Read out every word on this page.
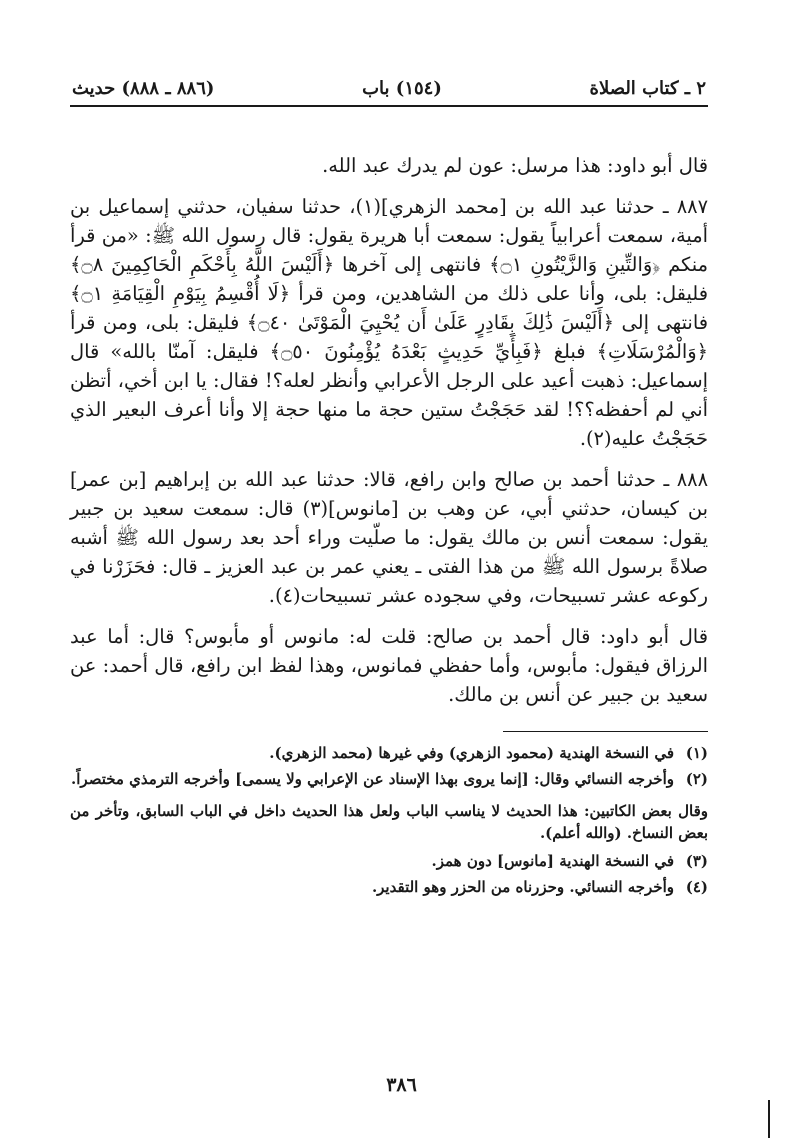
٢ ـ كتاب الصلاة
(١٥٤) باب
(٨٨٦ ـ ٨٨٨) حديث

قال أبو داود: هذا مرسل: عون لم يدرك عبد الله.

٨٨٧ ـ حدثنا عبد الله بن [محمد الزهري](١)، حدثنا سفيان، حدثني إسماعيل بن أمية، سمعت أعرابياً يقول: سمعت أبا هريرة يقول: قال رسول الله ﷺ: «من قرأ منكم ﴿وَالتِّينِ وَالزَّيْتُونِ ۝١﴾ فانتهى إلى آخرها ﴿أَلَيْسَ اللَّهُ بِأَحْكَمِ الْحَاكِمِينَ ۝٨﴾ فليقل: بلى، وأنا على ذلك من الشاهدين، ومن قرأ ﴿لَا أُقْسِمُ بِيَوْمِ الْقِيَامَةِ ۝١﴾ فانتهى إلى ﴿أَلَيْسَ ذَٰلِكَ بِقَادِرٍ عَلَىٰ أَن يُحْيِيَ الْمَوْتَىٰ ۝٤٠﴾ فليقل: بلى، ومن قرأ ﴿وَالْمُرْسَلَاتِ﴾ فبلغ ﴿فَبِأَيِّ حَدِيثٍ بَعْدَهُ يُؤْمِنُونَ ۝٥٠﴾ فليقل: آمنّا بالله» قال إسماعيل: ذهبت أعيد على الرجل الأعرابي وأنظر لعله؟! فقال: يا ابن أخي، أتظن أني لم أحفظه؟؟! لقد حَجَجْتُ ستين حجة ما منها حجة إلا وأنا أعرف البعير الذي حَجَجْتُ عليه(٢).

٨٨٨ ـ حدثنا أحمد بن صالح وابن رافع، قالا: حدثنا عبد الله بن إبراهيم [بن عمر] بن كيسان، حدثني أبي، عن وهب بن [مانوس](٣) قال: سمعت سعيد بن جبير يقول: سمعت أنس بن مالك يقول: ما صلّيت وراء أحد بعد رسول الله ﷺ أشبه صلاةً برسول الله ﷺ من هذا الفتى ـ يعني عمر بن عبد العزيز ـ قال: فحَزَرْنا في ركوعه عشر تسبيحات، وفي سجوده عشر تسبيحات(٤).

قال أبو داود: قال أحمد بن صالح: قلت له: مانوس أو مأبوس؟ قال: أما عبد الرزاق فيقول: مأبوس، وأما حفظي فمانوس، وهذا لفظ ابن رافع، قال أحمد: عن سعيد بن جبير عن أنس بن مالك.

(١)
في النسخة الهندية (محمود الزهري) وفي غيرها (محمد الزهري).
(٢)
وأخرجه النسائي وقال: [إنما يروى بهذا الإسناد عن الإعرابي ولا يسمى] وأخرجه الترمذي مختصراً.
وقال بعض الكاتبين: هذا الحديث لا يناسب الباب ولعل هذا الحديث داخل في الباب السابق، وتأخر من بعض النساخ. (والله أعلم).
(٣)
في النسخة الهندية [مانوس] دون همز.
(٤)
وأخرجه النسائي. وحزرناه من الحزر وهو التقدير.
٣٨٦
